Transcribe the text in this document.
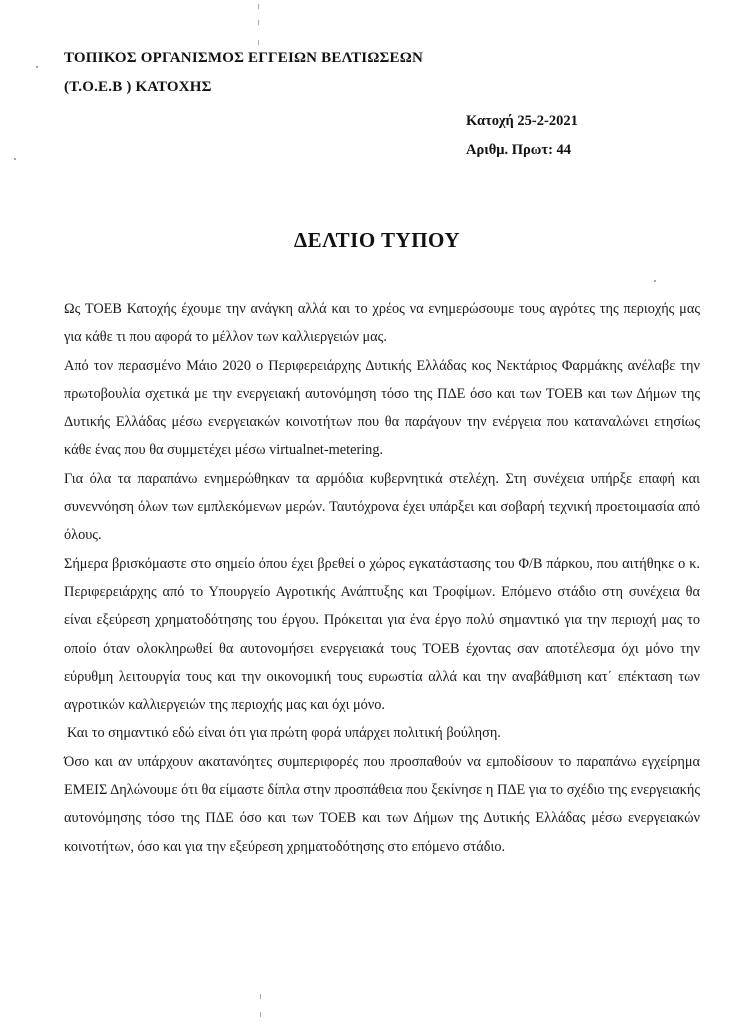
ΤΟΠΙΚΟΣ ΟΡΓΑΝΙΣΜΟΣ ΕΓΓΕΙΩΝ ΒΕΛΤΙΩΣΕΩΝ
(Τ.Ο.Ε.Β ) ΚΑΤΟΧΗΣ
Κατοχή 25-2-2021
Αριθμ. Πρωτ: 44
ΔΕΛΤΙΟ ΤΥΠΟΥ

Ως ΤΟΕΒ Κατοχής έχουμε την ανάγκη αλλά και το χρέος να ενημερώσουμε τους αγρότες της περιοχής μας για κάθε τι που αφορά το μέλλον των καλλιεργειών μας.

Από τον περασμένο Μάιο 2020 ο Περιφερειάρχης Δυτικής Ελλάδας κος Νεκτάριος Φαρμάκης ανέλαβε την πρωτοβουλία σχετικά με την ενεργειακή αυτονόμηση τόσο της ΠΔΕ όσο και των ΤΟΕΒ και των Δήμων της Δυτικής Ελλάδας μέσω ενεργειακών κοινοτήτων που θα παράγουν την ενέργεια που καταναλώνει ετησίως κάθε ένας που θα συμμετέχει μέσω virtualnet-metering.

Για όλα τα παραπάνω ενημερώθηκαν τα αρμόδια κυβερνητικά στελέχη. Στη συνέχεια υπήρξε επαφή και συνεννόηση όλων των εμπλεκόμενων μερών. Ταυτόχρονα έχει υπάρξει και σοβαρή τεχνική προετοιμασία από όλους.

Σήμερα βρισκόμαστε στο σημείο όπου έχει βρεθεί ο χώρος εγκατάστασης του Φ/Β πάρκου, που αιτήθηκε ο κ. Περιφερειάρχης από το Υπουργείο Αγροτικής Ανάπτυξης και Τροφίμων. Επόμενο στάδιο στη συνέχεια θα είναι εξεύρεση χρηματοδότησης του έργου. Πρόκειται για ένα έργο πολύ σημαντικό για την περιοχή μας το οποίο όταν ολοκληρωθεί θα αυτονομήσει ενεργειακά τους ΤΟΕΒ έχοντας σαν αποτέλεσμα όχι μόνο την εύρυθμη λειτουργία τους και την οικονομική τους ευρωστία αλλά και την αναβάθμιση κατ΄ επέκταση των αγροτικών καλλιεργειών της περιοχής μας και όχι μόνο.

Και το σημαντικό εδώ είναι ότι για πρώτη φορά υπάρχει πολιτική βούληση.

Όσο και αν υπάρχουν ακατανόητες συμπεριφορές που προσπαθούν να εμποδίσουν το παραπάνω εγχείρημα ΕΜΕΙΣ Δηλώνουμε ότι θα είμαστε δίπλα στην προσπάθεια που ξεκίνησε η ΠΔΕ για το σχέδιο της ενεργειακής αυτονόμησης τόσο της ΠΔΕ όσο και των ΤΟΕΒ και των Δήμων της Δυτικής Ελλάδας μέσω ενεργειακών κοινοτήτων, όσο και για την εξεύρεση χρηματοδότησης στο επόμενο στάδιο.
